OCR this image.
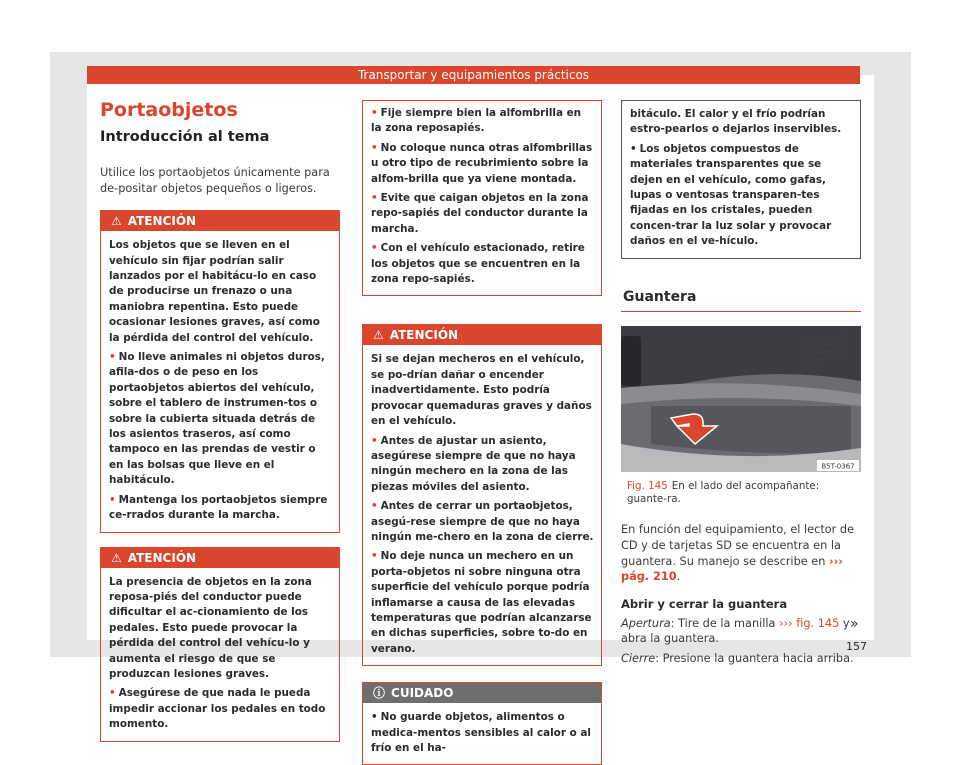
Transportar y equipamientos prácticos
Portaobjetos
Introducción al tema
Utilice los portaobjetos únicamente para de-positar objetos pequeños o ligeros.
⚠ ATENCIÓN
Los objetos que se lleven en el vehículo sin fijar podrían salir lanzados por el habitácu-lo en caso de producirse un frenazo o una maniobra repentina. Esto puede ocasionar lesiones graves, así como la pérdida del control del vehículo.
• No lleve animales ni objetos duros, afila-dos o de peso en los portaobjetos abiertos del vehículo, sobre el tablero de instrumen-tos o sobre la cubierta situada detrás de los asientos traseros, así como tampoco en las prendas de vestir o en las bolsas que lleve en el habitáculo.
• Mantenga los portaobjetos siempre ce-rrados durante la marcha.
⚠ ATENCIÓN
La presencia de objetos en la zona reposa-piés del conductor puede dificultar el ac-cionamiento de los pedales. Esto puede provocar la pérdida del control del vehícu-lo y aumenta el riesgo de que se produzcan lesiones graves.
• Asegúrese de que nada le pueda impedir accionar los pedales en todo momento.
• Fije siempre bien la alfombrilla en la zona reposapiés.
• No coloque nunca otras alfombrillas u otro tipo de recubrimiento sobre la alfom-brilla que ya viene montada.
• Evite que caigan objetos en la zona repo-sapiés del conductor durante la marcha.
• Con el vehículo estacionado, retire los objetos que se encuentren en la zona repo-sapiés.
⚠ ATENCIÓN
Si se dejan mecheros en el vehículo, se po-drían dañar o encender inadvertidamente. Esto podría provocar quemaduras graves y daños en el vehículo.
• Antes de ajustar un asiento, asegúrese siempre de que no haya ningún mechero en la zona de las piezas móviles del asiento.
• Antes de cerrar un portaobjetos, asegú-rese siempre de que no haya ningún me-chero en la zona de cierre.
• No deje nunca un mechero en un porta-objetos ni sobre ninguna otra superficie del vehículo porque podría inflamarse a causa de las elevadas temperaturas que podrían alcanzarse en dichas superficies, sobre to-do en verano.
ⓘ CUIDADO
• No guarde objetos, alimentos o medica-mentos sensibles al calor o al frío en el ha-
bitáculo. El calor y el frío podrían estro-pearlos o dejarlos inservibles.
• Los objetos compuestos de materiales transparentes que se dejen en el vehículo, como gafas, lupas o ventosas transparen-tes fijadas en los cristales, pueden concen-trar la luz solar y provocar daños en el ve-hículo.
Guantera
B5T-0367
Fig. 145 En el lado del acompañante: guante-ra.
En función del equipamiento, el lector de CD y de tarjetas SD se encuentra en la guantera. Su manejo se describe en ››› pág. 210.
Abrir y cerrar la guantera
Apertura: Tire de la manilla ››› fig. 145 y abra la guantera.
Cierre: Presione la guantera hacia arriba.
»
157
